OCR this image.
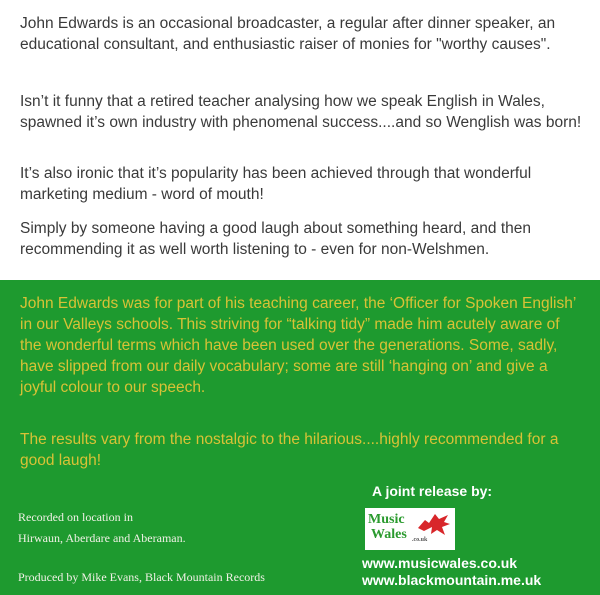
John Edwards is an occasional broadcaster, a regular after dinner speaker, an educational consultant, and enthusiastic raiser of monies for "worthy causes".

Isn’t it funny that a retired teacher analysing how we speak English in Wales, spawned it’s own industry with phenomenal success....and so Wenglish was born!

It’s also ironic that it’s popularity has been achieved through that wonderful marketing medium - word of mouth!

Simply by someone having a good laugh about something heard, and then recommending it as well worth listening to - even for non-Welshmen.

John Edwards was for part of his teaching career, the ‘Officer for Spoken English’ in our Valleys schools. This striving for “talking tidy” made him acutely aware of the wonderful terms which have been used over the generations. Some, sadly, have slipped from our daily vocabulary; some are still ‘hanging on’ and give a joyful colour to our speech.

The results vary from the nostalgic to the hilarious....highly recommended for a good laugh!

Recorded on location in
Hirwaun, Aberdare and Aberaman.
Produced by Mike Evans, Black Mountain Records
A joint release by:
Music
Wales .co.uk
www.musicwales.co.uk
www.blackmountain.me.uk
